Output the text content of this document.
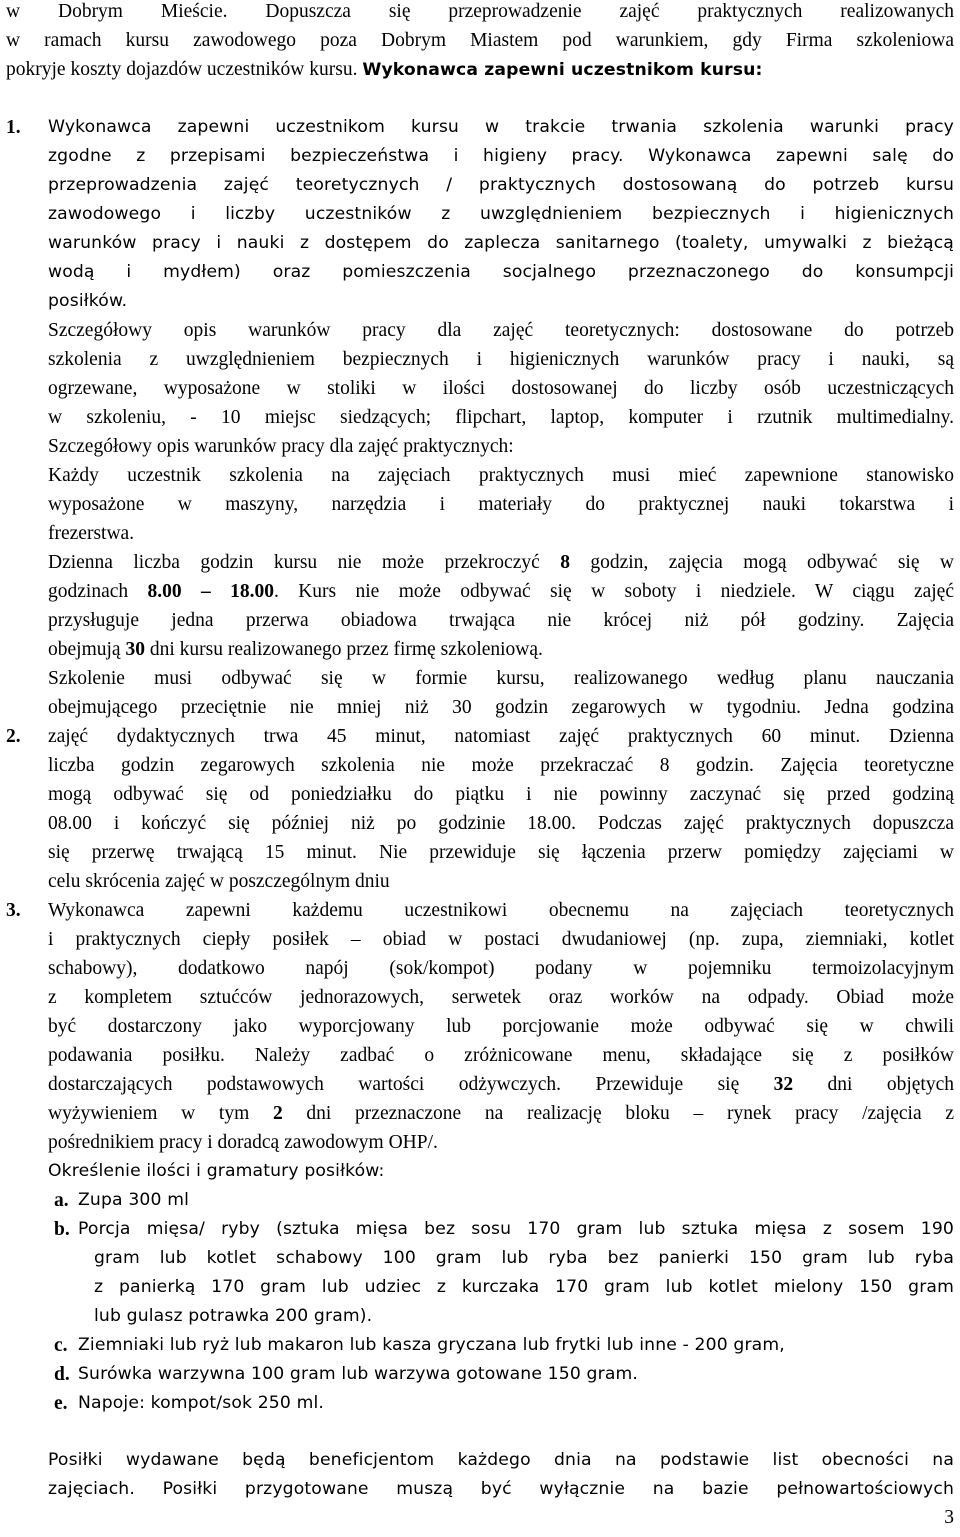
w Dobrym Mieście. Dopuszcza się przeprowadzenie zajęć praktycznych realizowanych

w ramach kursu zawodowego poza Dobrym Miastem pod warunkiem, gdy Firma szkoleniowa

pokryje koszty dojazdów uczestników kursu. Wykonawca zapewni uczestnikom kursu:

1. Wykonawca zapewni uczestnikom kursu w trakcie trwania szkolenia warunki pracy

zgodne z przepisami bezpieczeństwa i higieny pracy. Wykonawca zapewni salę do

przeprowadzenia zajęć teoretycznych / praktycznych dostosowaną do potrzeb kursu

zawodowego i liczby uczestników z uwzględnieniem bezpiecznych i higienicznych

warunków pracy i nauki z dostępem do zaplecza sanitarnego (toalety, umywalki z bieżącą

wodą i mydłem) oraz pomieszczenia socjalnego przeznaczonego do konsumpcji

posiłków.

Szczegółowy opis warunków pracy dla zajęć teoretycznych: dostosowane do potrzeb

szkolenia z uwzględnieniem bezpiecznych i higienicznych warunków pracy i nauki, są

ogrzewane, wyposażone w stoliki w ilości dostosowanej do liczby osób uczestniczących

w szkoleniu, - 10 miejsc siedzących; flipchart, laptop, komputer i rzutnik multimedialny.

Szczegółowy opis warunków pracy dla zajęć praktycznych:

Każdy uczestnik szkolenia na zajęciach praktycznych musi mieć zapewnione stanowisko

wyposażone w maszyny, narzędzia i materiały do praktycznej nauki tokarstwa i

frezerstwa.

Dzienna liczba godzin kursu nie może przekroczyć 8 godzin, zajęcia mogą odbywać się w

godzinach 8.00 – 18.00. Kurs nie może odbywać się w soboty i niedziele. W ciągu zajęć

przysługuje jedna przerwa obiadowa trwająca nie krócej niż pół godziny. Zajęcia

obejmują 30 dni kursu realizowanego przez firmę szkoleniową.

2.

Szkolenie musi odbywać się w formie kursu, realizowanego według planu nauczania

obejmującego przeciętnie nie mniej niż 30 godzin zegarowych w tygodniu. Jedna godzina

zajęć dydaktycznych trwa 45 minut, natomiast zajęć praktycznych 60 minut. Dzienna

liczba godzin zegarowych szkolenia nie może przekraczać 8 godzin. Zajęcia teoretyczne

mogą odbywać się od poniedziałku do piątku i nie powinny zaczynać się przed godziną

08.00 i kończyć się później niż po godzinie 18.00. Podczas zajęć praktycznych dopuszcza

się przerwę trwającą 15 minut. Nie przewiduje się łączenia przerw pomiędzy zajęciami w

celu skrócenia zajęć w poszczególnym dniu

3. Wykonawca zapewni każdemu uczestnikowi obecnemu na zajęciach teoretycznych

i praktycznych ciepły posiłek – obiad w postaci dwudaniowej (np. zupa, ziemniaki, kotlet

schabowy), dodatkowo napój (sok/kompot) podany w pojemniku termoizolacyjnym

z kompletem sztućców jednorazowych, serwetek oraz worków na odpady. Obiad może

być dostarczony jako wyporcjowany lub porcjowanie może odbywać się w chwili

podawania posiłku. Należy zadbać o zróżnicowane menu, składające się z posiłków

dostarczających podstawowych wartości odżywczych. Przewiduje się 32 dni objętych

wyżywieniem w tym 2 dni przeznaczone na realizację bloku – rynek pracy /zajęcia z

pośrednikiem pracy i doradcą zawodowym OHP/.

Określenie ilości i gramatury posiłków:

a. Zupa 300 ml

b. Porcja mięsa/ ryby (sztuka mięsa bez sosu 170 gram lub sztuka mięsa z sosem 190

gram lub kotlet schabowy 100 gram lub ryba bez panierki 150 gram lub ryba

z panierką 170 gram lub udziec z kurczaka 170 gram lub kotlet mielony 150 gram

lub gulasz potrawka 200 gram).

c. Ziemniaki lub ryż lub makaron lub kasza gryczana lub frytki lub inne - 200 gram,

d. Surówka warzywna 100 gram lub warzywa gotowane 150 gram.

e. Napoje: kompot/sok 250 ml.

Posiłki wydawane będą beneficjentom każdego dnia na podstawie list obecności na

zajęciach. Posiłki przygotowane muszą być wyłącznie na bazie pełnowartościowych

3
